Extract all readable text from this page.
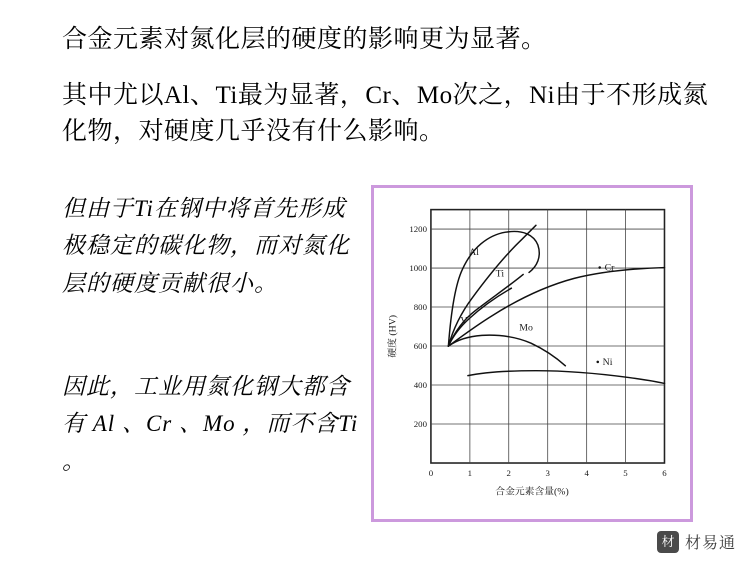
合金元素对氮化层的硬度的影响更为显著。
其中尤以Al、Ti最为显著，Cr、Mo次之，Ni由于不形成氮化物，对硬度几乎没有什么影响。
但由于Ti在钢中将首先形成极稳定的碳化物，而对氮化层的硬度贡献很小。
因此，工业用氮化钢大都含有 Al 、Cr 、Mo ，而不含Ti 。
1200
1000
800
600
400
200
0	1	2	3	4	5	6
合金元素含量(%)
硬度 (HV)
Al
Ti
V
Mo
Cr
Ni
材 材易通
